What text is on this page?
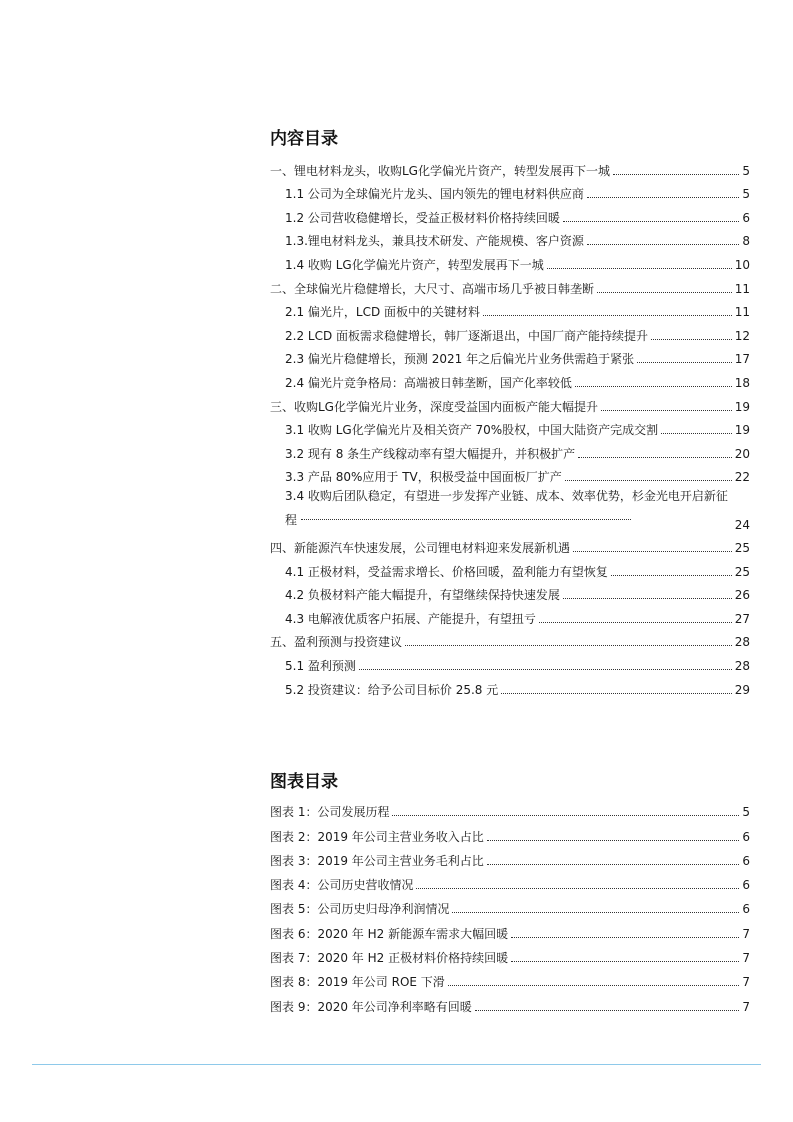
内容目录
一、锂电材料龙头，收购LG化学偏光片资产，转型发展再下一城	5
1.1 公司为全球偏光片龙头、国内领先的锂电材料供应商	5
1.2 公司营收稳健增长，受益正极材料价格持续回暖	6
1.3.锂电材料龙头，兼具技术研发、产能规模、客户资源	8
1.4 收购 LG化学偏光片资产，转型发展再下一城	10
二、全球偏光片稳健增长，大尺寸、高端市场几乎被日韩垄断	11
2.1 偏光片，LCD 面板中的关键材料	11
2.2 LCD 面板需求稳健增长，韩厂逐渐退出，中国厂商产能持续提升	12
2.3 偏光片稳健增长，预测 2021 年之后偏光片业务供需趋于紧张	17
2.4 偏光片竞争格局：高端被日韩垄断，国产化率较低	18
三、收购LG化学偏光片业务，深度受益国内面板产能大幅提升	19
3.1 收购 LG化学偏光片及相关资产 70%股权，中国大陆资产完成交割	19
3.2 现有 8 条生产线稼动率有望大幅提升，并积极扩产	20
3.3 产品 80%应用于 TV，积极受益中国面板厂扩产	22
3.4 收购后团队稳定，有望进一步发挥产业链、成本、效率优势，杉金光电开启新征程	24
四、新能源汽车快速发展，公司锂电材料迎来发展新机遇	25
4.1 正极材料，受益需求增长、价格回暖，盈利能力有望恢复	25
4.2 负极材料产能大幅提升，有望继续保持快速发展	26
4.3 电解液优质客户拓展、产能提升，有望扭亏	27
五、盈利预测与投资建议	28
5.1 盈利预测	28
5.2 投资建议：给予公司目标价 25.8 元	29
图表目录
图表 1：公司发展历程	5
图表 2：2019 年公司主营业务收入占比	6
图表 3：2019 年公司主营业务毛利占比	6
图表 4：公司历史营收情况	6
图表 5：公司历史归母净利润情况	6
图表 6：2020 年 H2 新能源车需求大幅回暖	7
图表 7：2020 年 H2 正极材料价格持续回暖	7
图表 8：2019 年公司 ROE 下滑	7
图表 9：2020 年公司净利率略有回暖	7
